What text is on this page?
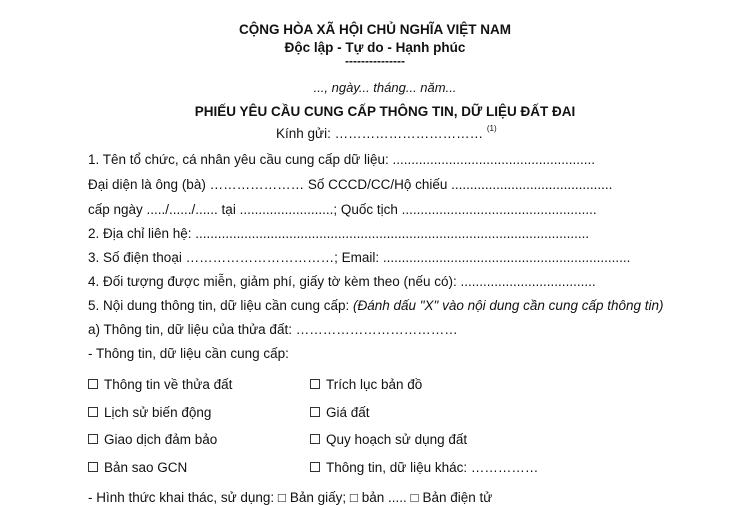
CỘNG HÒA XÃ HỘI CHỦ NGHĨA VIỆT NAM
Độc lập - Tự do - Hạnh phúc
---------------
..., ngày... tháng... năm...
PHIẾU YÊU CẦU CUNG CẤP THÔNG TIN, DỮ LIỆU ĐẤT ĐAI
Kính gửi: …………………………… $^{(1)}$
1. Tên tổ chức, cá nhân yêu cầu cung cấp dữ liệu: ......................................................
Đại diện là ông (bà) ………………… Số CCCD/CC/Hộ chiếu ...........................................
cấp ngày ...../....../...... tại .........................; Quốc tịch ....................................................
2. Địa chỉ liên hệ: .........................................................................................................
3. Số điện thoại ……………………………; Email: ..................................................................
4. Đối tượng được miễn, giảm phí, giấy tờ kèm theo (nếu có): ....................................
5. Nội dung thông tin, dữ liệu cần cung cấp: (Đánh dấu "X" vào nội dung cần cung cấp thông tin)
a) Thông tin, dữ liệu của thửa đất: ………………………………
- Thông tin, dữ liệu cần cung cấp:
Thông tin về thửa đất
Lịch sử biến động
Giao dịch đảm bảo
Bản sao GCN
Trích lục bản đồ
Giá đất
Quy hoạch sử dụng đất
Thông tin, dữ liệu khác: ……………
- Hình thức khai thác, sử dụng: □ Bản giấy; □ bản ..... □ Bản điện tử
